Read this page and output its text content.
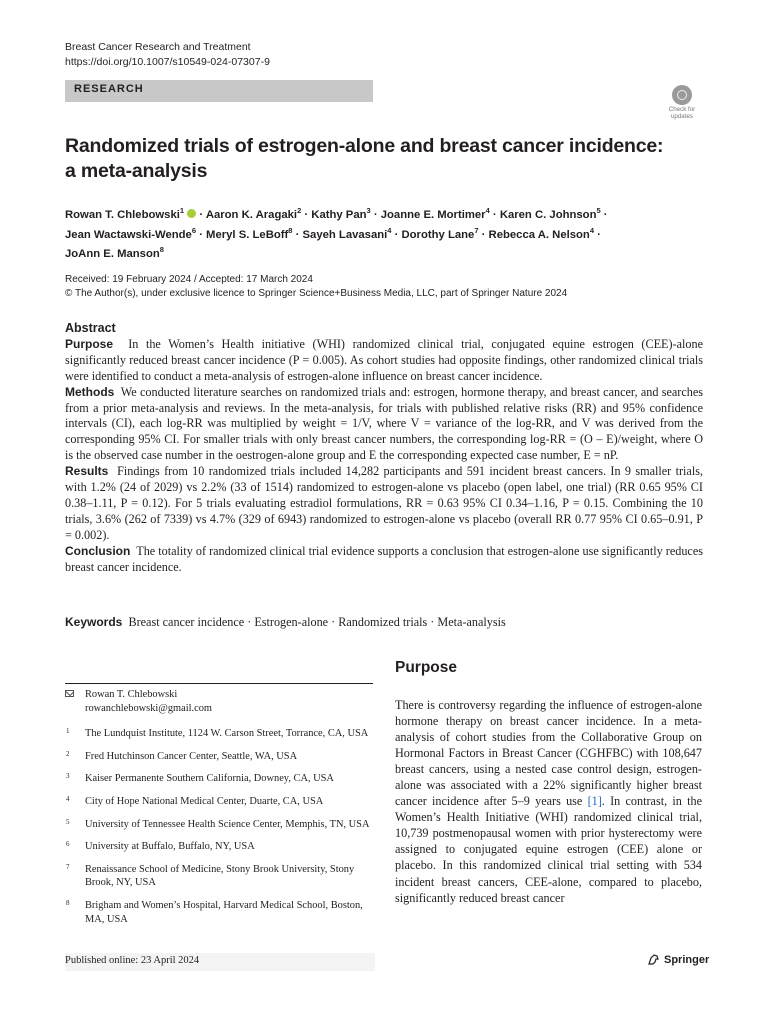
Breast Cancer Research and Treatment
https://doi.org/10.1007/s10549-024-07307-9
RESEARCH
Check for updates
Randomized trials of estrogen-alone and breast cancer incidence:
a meta-analysis
Rowan T. Chlebowski$^1$  · Aaron K. Aragaki$^2$ · Kathy Pan$^3$ · Joanne E. Mortimer$^4$ · Karen C. Johnson$^5$ ·
Jean Wactawski-Wende$^6$ · Meryl S. LeBoff$^8$ · Sayeh Lavasani$^4$ · Dorothy Lane$^7$ · Rebecca A. Nelson$^4$ ·
JoAnn E. Manson$^8$
Received: 19 February 2024 / Accepted: 17 March 2024
© The Author(s), under exclusive licence to Springer Science+Business Media, LLC, part of Springer Nature 2024
Abstract

Purpose In the Women’s Health initiative (WHI) randomized clinical trial, conjugated equine estrogen (CEE)-alone significantly reduced breast cancer incidence (P = 0.005). As cohort studies had opposite findings, other randomized clinical trials were identified to conduct a meta-analysis of estrogen-alone influence on breast cancer incidence.

Methods We conducted literature searches on randomized trials and: estrogen, hormone therapy, and breast cancer, and searches from a prior meta-analysis and reviews. In the meta-analysis, for trials with published relative risks (RR) and 95% confidence intervals (CI), each log-RR was multiplied by weight = 1/V, where V = variance of the log-RR, and V was derived from the corresponding 95% CI. For smaller trials with only breast cancer numbers, the corresponding log-RR = (O – E)/weight, where O is the observed case number in the oestrogen-alone group and E the corresponding expected case number, E = nP.

Results Findings from 10 randomized trials included 14,282 participants and 591 incident breast cancers. In 9 smaller trials, with 1.2% (24 of 2029) vs 2.2% (33 of 1514) randomized to estrogen-alone vs placebo (open label, one trial) (RR 0.65 95% CI 0.38–1.11, P = 0.12). For 5 trials evaluating estradiol formulations, RR = 0.63 95% CI 0.34–1.16, P = 0.15. Combining the 10 trials, 3.6% (262 of 7339) vs 4.7% (329 of 6943) randomized to estrogen-alone vs placebo (overall RR 0.77 95% CI 0.65–0.91, P = 0.002).

Conclusion The totality of randomized clinical trial evidence supports a conclusion that estrogen-alone use significantly reduces breast cancer incidence.

Keywords Breast cancer incidence · Estrogen-alone · Randomized trials · Meta-analysis
Rowan T. Chlebowski
rowanchlebowski@gmail.com
1 The Lundquist Institute, 1124 W. Carson Street, Torrance, CA, USA
2 Fred Hutchinson Cancer Center, Seattle, WA, USA
3 Kaiser Permanente Southern California, Downey, CA, USA
4 City of Hope National Medical Center, Duarte, CA, USA
5 University of Tennessee Health Science Center, Memphis, TN, USA
6 University at Buffalo, Buffalo, NY, USA
7 Renaissance School of Medicine, Stony Brook University, Stony Brook, NY, USA
8 Brigham and Women’s Hospital, Harvard Medical School, Boston, MA, USA
Purpose
There is controversy regarding the influence of estrogen-alone hormone therapy on breast cancer incidence. In a meta-analysis of cohort studies from the Collaborative Group on Hormonal Factors in Breast Cancer (CGHFBC) with 108,647 breast cancers, using a nested case control design, estrogen-alone was associated with a 22% significantly higher breast cancer incidence after 5–9 years use [1]. In contrast, in the Women’s Health Initiative (WHI) randomized clinical trial, 10,739 postmenopausal women with prior hysterectomy were assigned to conjugated equine estrogen (CEE) alone or placebo. In this randomized clinical trial setting with 534 incident breast cancers, CEE-alone, compared to placebo, significantly reduced breast cancer
Published online: 23 April 2024	Springer
